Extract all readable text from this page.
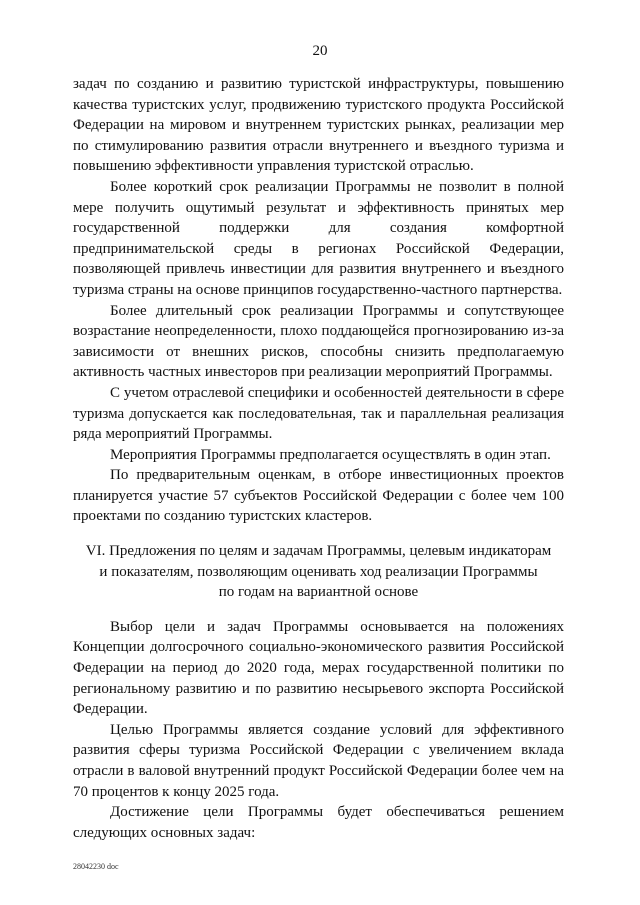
20

задач по созданию и развитию туристской инфраструктуры, повышению качества туристских услуг, продвижению туристского продукта Российской Федерации на мировом и внутреннем туристских рынках, реализации мер по стимулированию развития отрасли внутреннего и въездного туризма и повышению эффективности управления туристской отраслью.

Более короткий срок реализации Программы не позволит в полной мере получить ощутимый результат и эффективность принятых мер государственной поддержки для создания комфортной предпринимательской среды в регионах Российской Федерации, позволяющей привлечь инвестиции для развития внутреннего и въездного туризма страны на основе принципов государственно-частного партнерства.

Более длительный срок реализации Программы и сопутствующее возрастание неопределенности, плохо поддающейся прогнозированию из-за зависимости от внешних рисков, способны снизить предполагаемую активность частных инвесторов при реализации мероприятий Программы.

С учетом отраслевой специфики и особенностей деятельности в сфере туризма допускается как последовательная, так и параллельная реализация ряда мероприятий Программы.

Мероприятия Программы предполагается осуществлять в один этап.

По предварительным оценкам, в отборе инвестиционных проектов планируется участие 57 субъектов Российской Федерации с более чем 100 проектами по созданию туристских кластеров.

VI. Предложения по целям и задачам Программы, целевым индикаторам
и показателям, позволяющим оценивать ход реализации Программы
по годам на вариантной основе

Выбор цели и задач Программы основывается на положениях Концепции долгосрочного социально-экономического развития Российской Федерации на период до 2020 года, мерах государственной политики по региональному развитию и по развитию несырьевого экспорта Российской Федерации.

Целью Программы является создание условий для эффективного развития сферы туризма Российской Федерации с увеличением вклада отрасли в валовой внутренний продукт Российской Федерации более чем на 70 процентов к концу 2025 года.

Достижение цели Программы будет обеспечиваться решением следующих основных задач:

28042230 doc
